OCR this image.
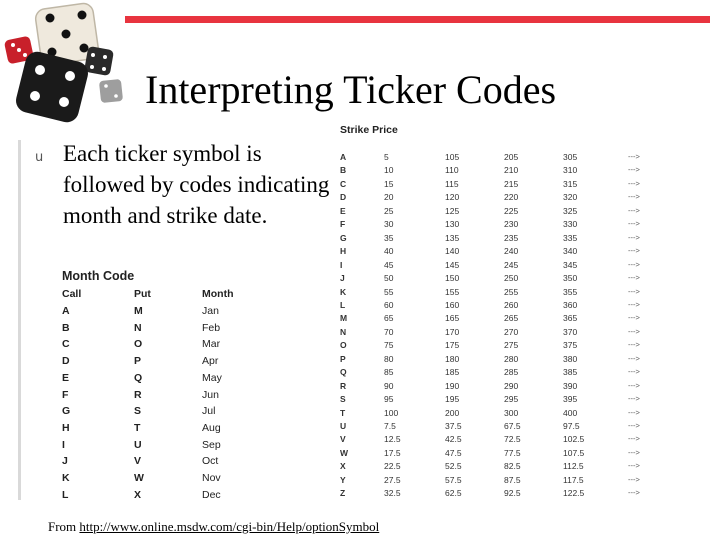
Interpreting Ticker Codes
u Each ticker symbol is followed by codes indicating month and strike date.
Month Code
Call	Put	Month
A	M	Jan
B	N	Feb
C	O	Mar
D	P	Apr
E	Q	May
F	R	Jun
G	S	Jul
H	T	Aug
I	U	Sep
J	V	Oct
K	W	Nov
L	X	Dec
Strike Price
A	5	105	205	305	--->
B	10	110	210	310	--->
C	15	115	215	315	--->
D	20	120	220	320	--->
E	25	125	225	325	--->
F	30	130	230	330	--->
G	35	135	235	335	--->
H	40	140	240	340	--->
I	45	145	245	345	--->
J	50	150	250	350	--->
K	55	155	255	355	--->
L	60	160	260	360	--->
M	65	165	265	365	--->
N	70	170	270	370	--->
O	75	175	275	375	--->
P	80	180	280	380	--->
Q	85	185	285	385	--->
R	90	190	290	390	--->
S	95	195	295	395	--->
T	100	200	300	400	--->
U	7.5	37.5	67.5	97.5	--->
V	12.5	42.5	72.5	102.5	--->
W	17.5	47.5	77.5	107.5	--->
X	22.5	52.5	82.5	112.5	--->
Y	27.5	57.5	87.5	117.5	--->
Z	32.5	62.5	92.5	122.5	--->
From http://www.online.msdw.com/cgi-bin/Help/optionSymbol
